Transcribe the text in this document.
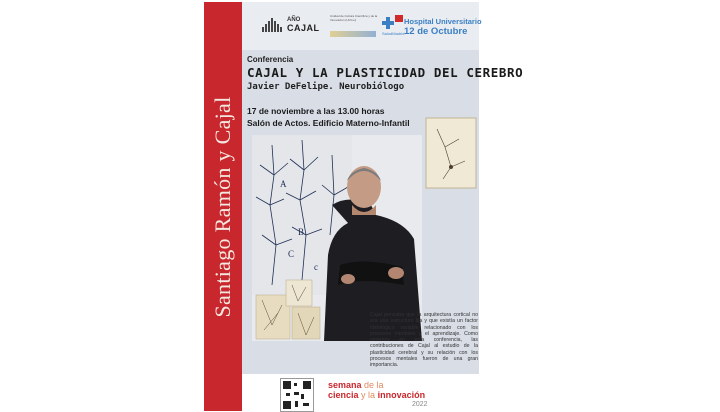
Santiago Ramón y Cajal
AÑO
CAJAL
Unidad de Cultura Científica y de la Innovación (UCC+i)
SaludMadrid
Hospital Universitario
12 de Octubre
Conferencia
CAJAL Y LA PLASTICIDAD DEL CEREBRO
Javier DeFelipe. Neurobiólogo
17 de noviembre a las 13.00 horas
Salón de Actos. Edificio Materno-Infantil
A
B
C
c
Cajal pensaba que la arquitectura cortical no era una estructura fija y que existía un factor histológico variable relacionado con los procesos mentales y el aprendizaje. Como veremos en esta conferencia, las contribuciones de Cajal al estudio de la plasticidad cerebral y su relación con los procesos mentales fueron de una gran importancia.
semana de la
ciencia y la innovación
2022
